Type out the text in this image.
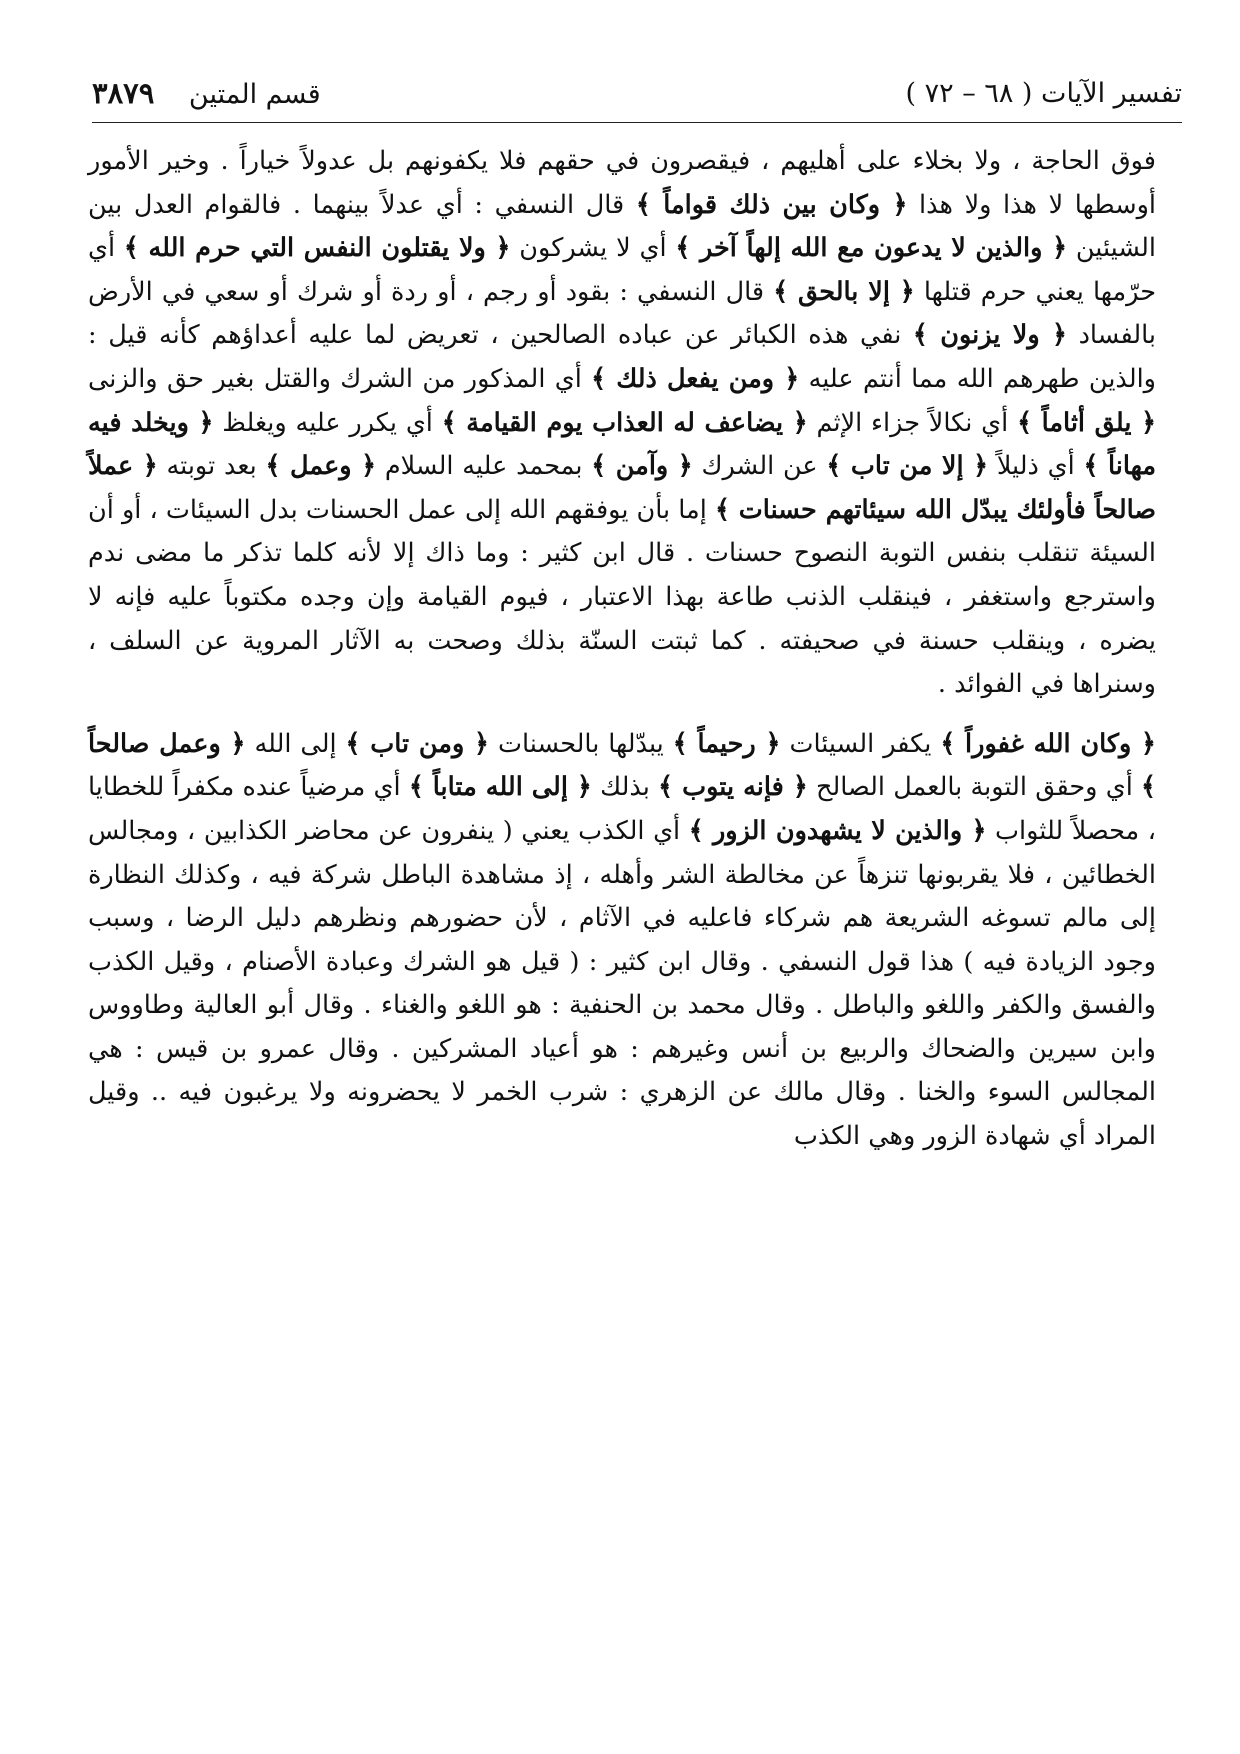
تفسير الآيات ( ٦٨ – ٧٢ )
قسم المتين ٣٨٧٩

فوق الحاجة ، ولا بخلاء على أهليهم ، فيقصرون في حقهم فلا يكفونهم بل عدولاً خياراً . وخير الأمور أوسطها لا هذا ولا هذا ﴿ وكان بين ذلك قواماً ﴾ قال النسفي : أي عدلاً بينهما . فالقوام العدل بين الشيئين ﴿ والذين لا يدعون مع الله إلهاً آخر ﴾ أي لا يشركون ﴿ ولا يقتلون النفس التي حرم الله ﴾ أي حرّمها يعني حرم قتلها ﴿ إلا بالحق ﴾ قال النسفي : بقود أو رجم ، أو ردة أو شرك أو سعي في الأرض بالفساد ﴿ ولا يزنون ﴾ نفي هذه الكبائر عن عباده الصالحين ، تعريض لما عليه أعداؤهم كأنه قيل : والذين طهرهم الله مما أنتم عليه ﴿ ومن يفعل ذلك ﴾ أي المذكور من الشرك والقتل بغير حق والزنى ﴿ يلق أثاماً ﴾ أي نكالاً جزاء الإثم ﴿ يضاعف له العذاب يوم القيامة ﴾ أي يكرر عليه ويغلظ ﴿ ويخلد فيه مهاناً ﴾ أي ذليلاً ﴿ إلا من تاب ﴾ عن الشرك ﴿ وآمن ﴾ بمحمد عليه السلام ﴿ وعمل ﴾ بعد توبته ﴿ عملاً صالحاً فأولئك يبدّل الله سيئاتهم حسنات ﴾ إما بأن يوفقهم الله إلى عمل الحسنات بدل السيئات ، أو أن السيئة تنقلب بنفس التوبة النصوح حسنات . قال ابن كثير : وما ذاك إلا لأنه كلما تذكر ما مضى ندم واسترجع واستغفر ، فينقلب الذنب طاعة بهذا الاعتبار ، فيوم القيامة وإن وجده مكتوباً عليه فإنه لا يضره ، وينقلب حسنة في صحيفته . كما ثبتت السنّة بذلك وصحت به الآثار المروية عن السلف ، وسنراها في الفوائد .

﴿ وكان الله غفوراً ﴾ يكفر السيئات ﴿ رحيماً ﴾ يبدّلها بالحسنات ﴿ ومن تاب ﴾ إلى الله ﴿ وعمل صالحاً ﴾ أي وحقق التوبة بالعمل الصالح ﴿ فإنه يتوب ﴾ بذلك ﴿ إلى الله متاباً ﴾ أي مرضياً عنده مكفراً للخطايا ، محصلاً للثواب ﴿ والذين لا يشهدون الزور ﴾ أي الكذب يعني ( ينفرون عن محاضر الكذابين ، ومجالس الخطائين ، فلا يقربونها تنزهاً عن مخالطة الشر وأهله ، إذ مشاهدة الباطل شركة فيه ، وكذلك النظارة إلى مالم تسوغه الشريعة هم شركاء فاعليه في الآثام ، لأن حضورهم ونظرهم دليل الرضا ، وسبب وجود الزيادة فيه ) هذا قول النسفي . وقال ابن كثير : ( قيل هو الشرك وعبادة الأصنام ، وقيل الكذب والفسق والكفر واللغو والباطل . وقال محمد بن الحنفية : هو اللغو والغناء . وقال أبو العالية وطاووس وابن سيرين والضحاك والربيع بن أنس وغيرهم : هو أعياد المشركين . وقال عمرو بن قيس : هي المجالس السوء والخنا . وقال مالك عن الزهري : شرب الخمر لا يحضرونه ولا يرغبون فيه .. وقيل المراد أي شهادة الزور وهي الكذب
